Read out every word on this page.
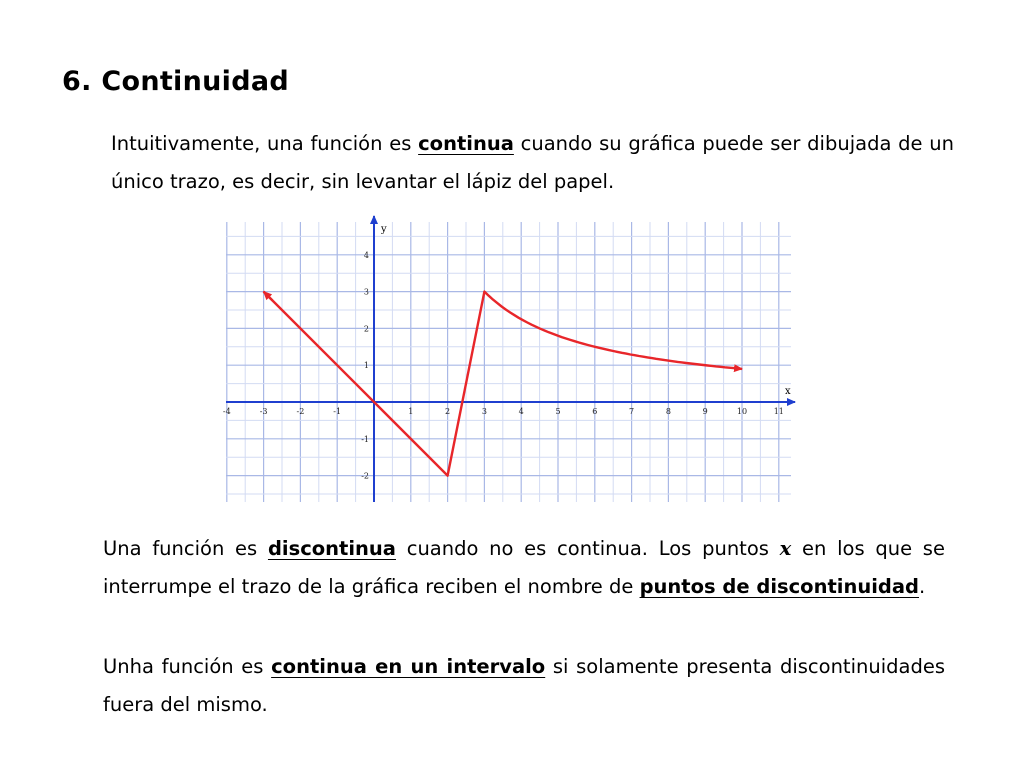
6. Continuidad
Intuitivamente, una función es continua cuando su gráfica puede ser dibujada de un único trazo, es decir, sin levantar el lápiz del papel.
x
y
-4	-3	-2	-1	1	2	3	4	5	6	7	8	9	10	11
-2
-1
1
2
3
4
Una función es discontinua cuando no es continua. Los puntos x en los que se interrumpe el trazo de la gráfica reciben el nombre de puntos de discontinuidad.
Unha función es continua en un intervalo si solamente presenta discontinuidades fuera del mismo.
